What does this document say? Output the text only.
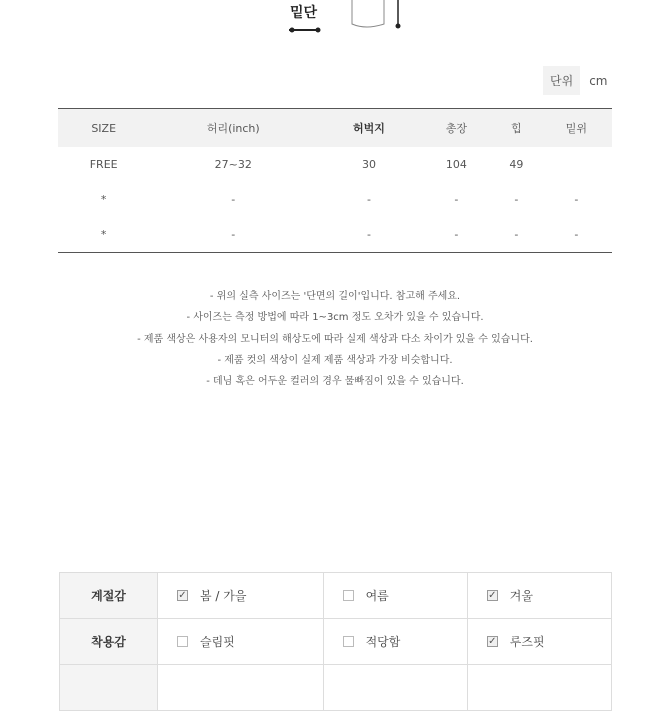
밑단
단위	cm
SIZE	허리(inch)	허벅지	총장	힙	밑위
FREE	27~32	30	104	49	
*	-	-	-	-	-
*	-	-	-	-	-
- 위의 실측 사이즈는 '단면의 길이'입니다. 참고해 주세요.
- 사이즈는 측정 방법에 따라 1~3cm 정도 오차가 있을 수 있습니다.
- 제품 색상은 사용자의 모니터의 해상도에 따라 실제 색상과 다소 차이가 있을 수 있습니다.
- 제품 컷의 색상이 실제 제품 색상과 가장 비슷합니다.
- 데님 혹은 어두운 컬러의 경우 물빠짐이 있을 수 있습니다.
계절감	✓ 봄 / 가을	여름	✓ 겨울

착용감	슬림핏	적당함	✓ 루즈핏
